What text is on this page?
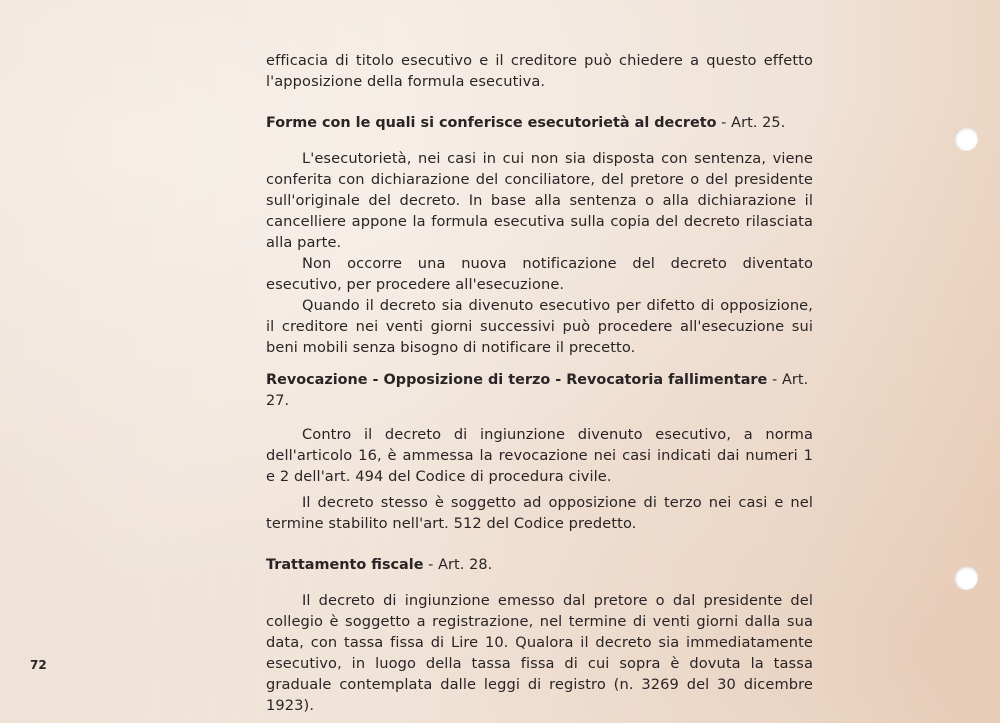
efficacia di titolo esecutivo e il creditore può chiedere a questo effetto l'apposizione della formula esecutiva.

Forme con le quali si conferisce esecutorietà al decreto - Art. 25.

L'esecutorietà, nei casi in cui non sia disposta con sentenza, viene conferita con dichiarazione del conciliatore, del pretore o del presidente sull'originale del decreto. In base alla sentenza o alla dichiarazione il cancelliere appone la formula esecutiva sulla copia del decreto rilasciata alla parte.

Non occorre una nuova notificazione del decreto diventato esecutivo, per procedere all'esecuzione.

Quando il decreto sia divenuto esecutivo per difetto di opposizione, il creditore nei venti giorni successivi può procedere all'esecuzione sui beni mobili senza bisogno di notificare il precetto.

Revocazione - Opposizione di terzo - Revocatoria fallimentare - Art. 27.

Contro il decreto di ingiunzione divenuto esecutivo, a norma dell'articolo 16, è ammessa la revocazione nei casi indicati dai numeri 1 e 2 dell'art. 494 del Codice di procedura civile.

Il decreto stesso è soggetto ad opposizione di terzo nei casi e nel termine stabilito nell'art. 512 del Codice predetto.

Trattamento fiscale - Art. 28.

Il decreto di ingiunzione emesso dal pretore o dal presidente del collegio è soggetto a registrazione, nel termine di venti giorni dalla sua data, con tassa fissa di Lire 10. Qualora il decreto sia immediatamente esecutivo, in luogo della tassa fissa di cui sopra è dovuta la tassa graduale contemplata dalle leggi di registro (n. 3269 del 30 dicembre 1923).

72
